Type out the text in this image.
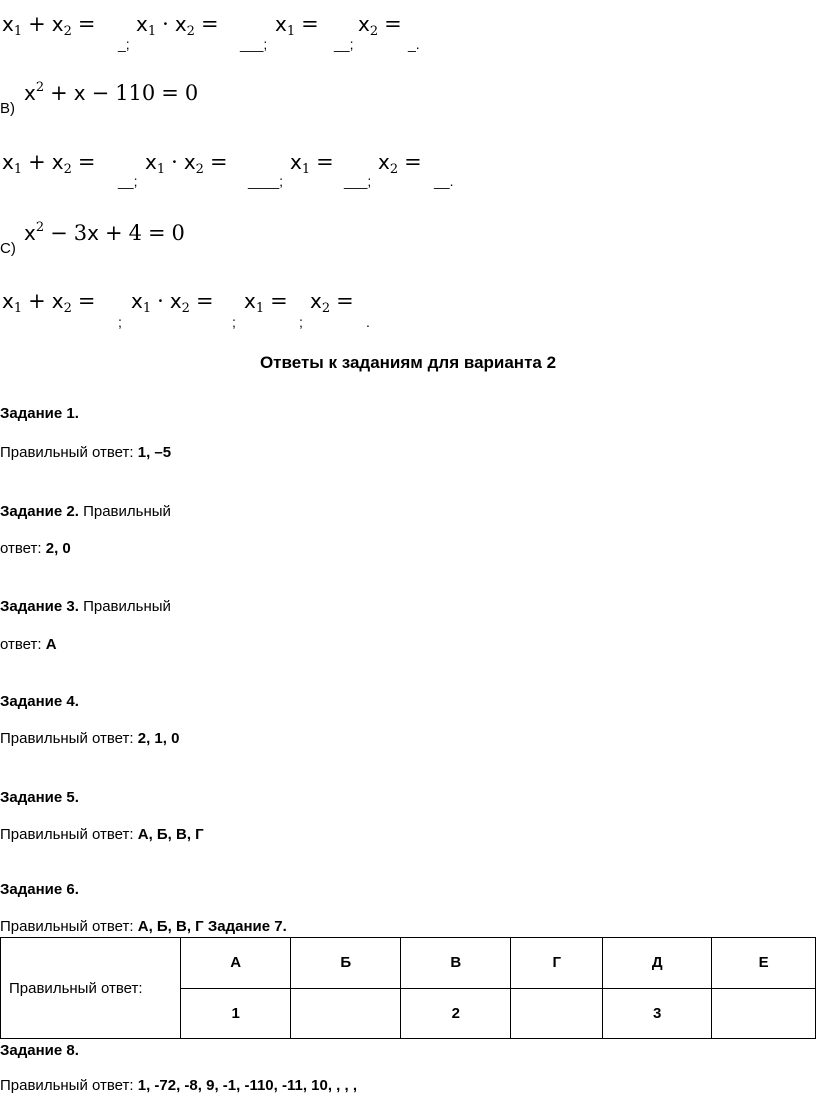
$x_1 + x_2$ =	$x_1 \cdot x_2$ =	$x_1$ =	$x_2$ =
_;	___;	__;	_.
В)
$x^2 + x - 110 = 0$
$x_1 + x_2$ =	$x_1 \cdot x_2$ =	$x_1$ =	$x_2$ =
__;	____;	___;	__.
С)
$x^2 - 3x + 4 = 0$
$x_1 + x_2$ =	$x_1 \cdot x_2$ =	$x_1$ =	$x_2$ =
;	;	;	.
Ответы к заданиям для варианта 2
Задание 1.
Правильный ответ: 1, –5
Задание 2. Правильный
ответ: 2, 0
Задание 3. Правильный
ответ: А
Задание 4.
Правильный ответ: 2, 1, 0
Задание 5.
Правильный ответ: А, Б, В, Г
Задание 6.
Правильный ответ: А, Б, В, Г Задание 7.
Правильный ответ:	А	Б	В	Г	Д	Е
	1		2		3	
Задание 8.
Правильный ответ: 1, -72, -8, 9, -1, -110, -11, 10, , , ,
